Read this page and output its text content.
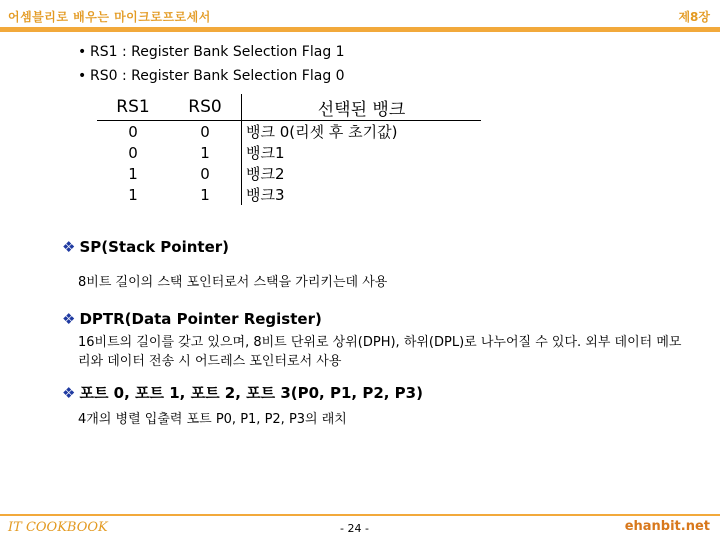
어셈블리로 배우는 마이크로프로세서	제8장
• RS1 : Register Bank Selection Flag 1
• RS0 : Register Bank Selection Flag 0
RS1	RS0	선택된 뱅크
0	0	뱅크 0(리셋 후 초기값)
0	1	뱅크1
1	0	뱅크2
1	1	뱅크3
❖ SP(Stack Pointer)
8비트 길이의 스택 포인터로서 스택을 가리키는데 사용
❖ DPTR(Data Pointer Register)
16비트의 길이를 갖고 있으며, 8비트 단위로 상위(DPH), 하위(DPL)로 나누어질 수 있다. 외부 데이터 메모리와 데이터 전송 시 어드레스 포인터로서 사용
❖ 포트 0, 포트 1, 포트 2, 포트 3(P0, P1, P2, P3)
4개의 병렬 입출력 포트 P0, P1, P2, P3의 래치
IT COOKBOOK	- 24 -	ehanbit.net
